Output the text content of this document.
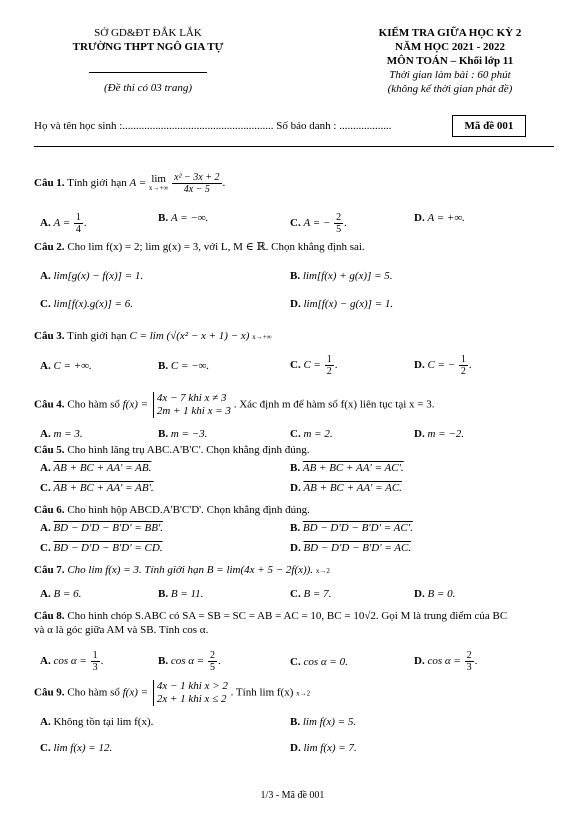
SỞ GD&ĐT ĐẮK LẮK
TRƯỜNG THPT NGÔ GIA TỰ
(Đề thi có 03 trang)
KIỂM TRA GIỮA HỌC KỲ 2
NĂM HỌC 2021 - 2022
MÔN TOÁN – Khối lớp 11
Thời gian làm bài : 60 phút
(không kể thời gian phát đề)
Họ và tên học sinh :....................................................... Số báo danh : ...................	Mã đề 001
Câu 1. Tính giới hạn A = lim
x→+∞
$\frac{\text{x² − 3x + 2}}{4x - 5}$ .
A. $A = \frac{1}{4}$ .	B. A = −∞.	C. A = − $\frac{2}{5}$ .	D. A = +∞.
Câu 2. Cho lim f(x) = 2; lim g(x) = 3, với L, M ∈ ℝ. Chọn khẳng định sai.
A. lim[g(x) − f(x)] = 1.	B. lim[f(x) + g(x)] = 5.
C. lim[f(x).g(x)] = 6.	D. lim[f(x) − g(x)] = 1.
Câu 3. Tính giới hạn C = lim (√(x² − x + 1) − x) x→+∞
A. C = +∞.	B. C = −∞.	C. $C = \frac{1}{2}$ .	D. C = − $\frac{1}{2}$ .
Câu 4. Cho hàm số f(x) =
4x − 7 khi x ≠ 3
2m + 1 khi x = 3
. Xác định m để hàm số f(x) liên tục tại x = 3.
A. m = 3.	B. m = −3.	C. m = 2.	D. m = −2.
Câu 5. Cho hình lăng trụ ABC.A'B'C'. Chọn khẳng định đúng.
A. AB + BC + AA' = AB.	B. AB + BC + AA' = AC'.
C. AB + BC + AA' = AB'.	D. AB + BC + AA' = AC.
Câu 6. Cho hình hộp ABCD.A'B'C'D'. Chọn khẳng định đúng.
A. BD − D'D − B'D' = BB'.	B. BD − D'D − B'D' = AC'.
C. BD − D'D − B'D' = CD.	D. BD − D'D − B'D' = AC.
Câu 7. Cho lim f(x) = 3. Tính giới hạn B = lim(4x + 5 − 2f(x)). x→2
A. B = 6.	B. B = 11.	C. B = 7.	D. B = 0.
Câu 8. Cho hình chóp S.ABC có SA = SB = SC = AB = AC = 10, BC = 10√2. Gọi M là trung điểm của BC
và α là góc giữa AM và SB. Tính cos α.
A. $\cos \alpha = \frac{1}{3}$ .	B. $\cos \alpha = \frac{2}{5}$ .	C. cos α = 0.	D. $\cos \alpha = \frac{2}{3}$ .
Câu 9. Cho hàm số f(x) =
4x − 1 khi x > 2
2x + 1 khi x ≤ 2
. Tính lim f(x) x→2
A. Không tồn tại lim f(x).	B. lim f(x) = 5.
C. lim f(x) = 12.	D. lim f(x) = 7.
1/3 - Mã đề 001
